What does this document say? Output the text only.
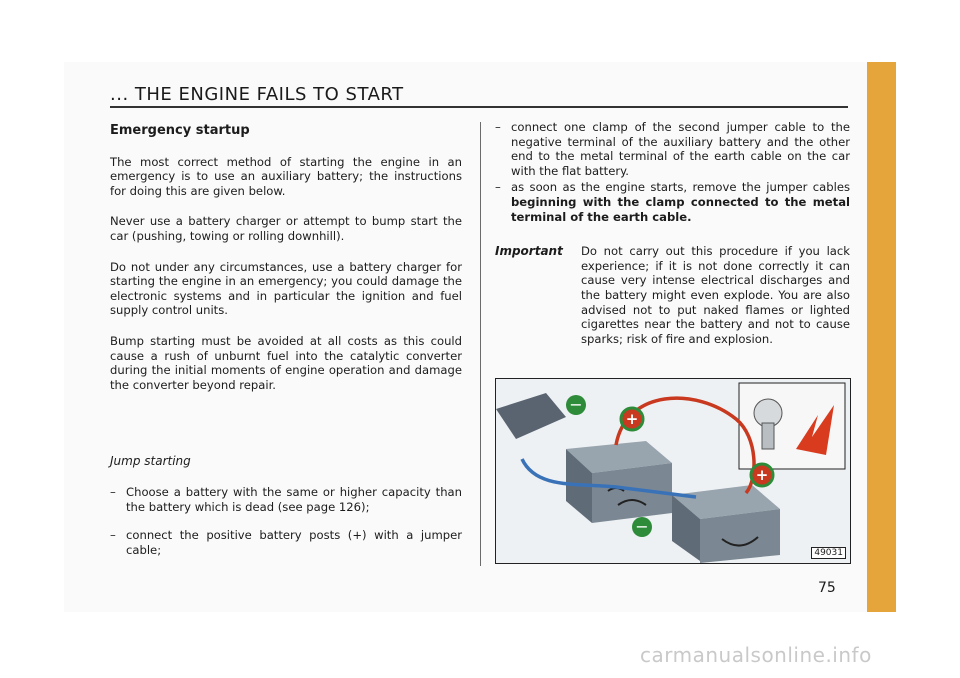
... THE ENGINE FAILS TO START
Emergency startup

The most correct method of starting the engine in an emergency is to use an auxiliary battery; the instructions for doing this are given below.

Never use a battery charger or attempt to bump start the car (pushing, towing or rolling downhill).

Do not under any circumstances, use a battery charger for starting the engine in an emergency; you could damage the electronic systems and in particular the ignition and fuel supply control units.

Bump starting must be avoided at all costs as this could cause a rush of unburnt fuel into the catalytic converter during the initial moments of engine operation and damage the converter beyond repair.

Jump starting
– Choose a battery with the same or higher capacity than the battery which is dead (see page 126);
– connect the positive battery posts (+) with a jumper cable;
– connect one clamp of the second jumper cable to the negative terminal of the auxiliary battery and the other end to the metal terminal of the earth cable on the car with the flat battery.
– as soon as the engine starts, remove the jumper cables beginning with the clamp connected to the metal terminal of the earth cable.
Important	Do not carry out this procedure if you lack experience; if it is not done correctly it can cause very intense electrical discharges and the battery might even explode. You are also advised not to put naked flames or lighted cigarettes near the battery and not to cause sparks; risk of fire and explosion.
−
+
+
−
49031
75
carmanualsonline.info
